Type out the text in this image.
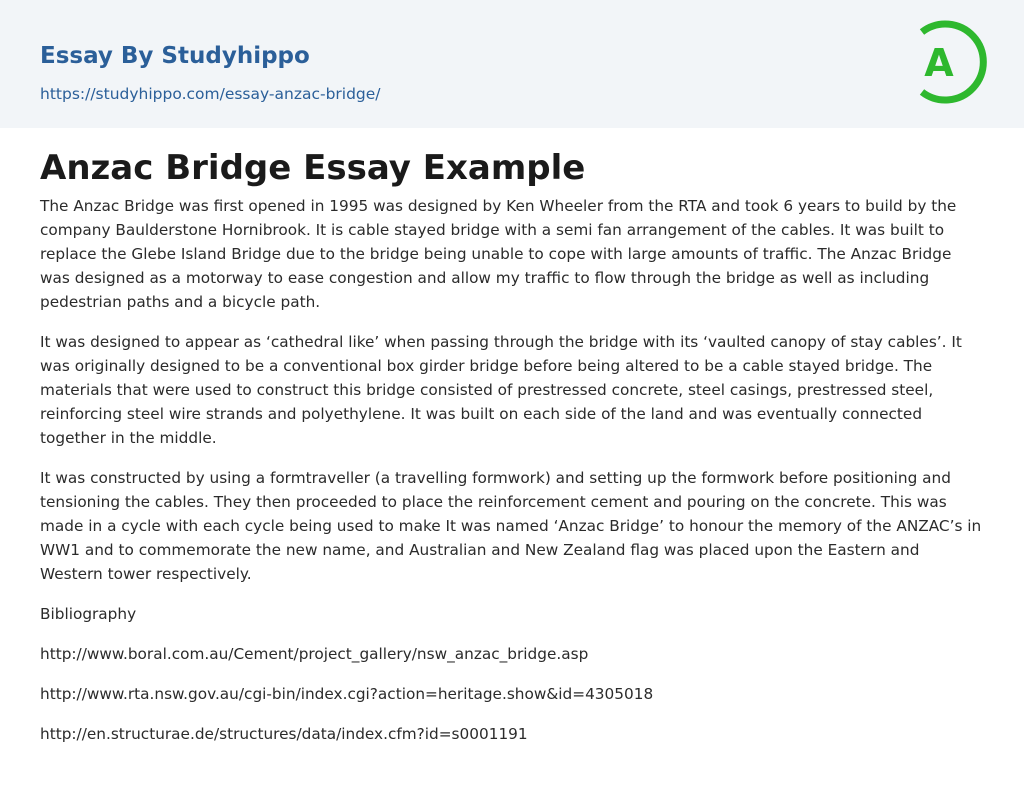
Essay By Studyhippo
https://studyhippo.com/essay-anzac-bridge/
A
Anzac Bridge Essay Example

The Anzac Bridge was first opened in 1995 was designed by Ken Wheeler from the RTA and took 6 years to build by the company Baulderstone Hornibrook. It is cable stayed bridge with a semi fan arrangement of the cables. It was built to replace the Glebe Island Bridge due to the bridge being unable to cope with large amounts of traffic. The Anzac Bridge was designed as a motorway to ease congestion and allow my traffic to flow through the bridge as well as including pedestrian paths and a bicycle path.

It was designed to appear as ‘cathedral like’ when passing through the bridge with its ‘vaulted canopy of stay cables’. It was originally designed to be a conventional box girder bridge before being altered to be a cable stayed bridge. The materials that were used to construct this bridge consisted of prestressed concrete, steel casings, prestressed steel, reinforcing steel wire strands and polyethylene. It was built on each side of the land and was eventually connected together in the middle.

It was constructed by using a formtraveller (a travelling formwork) and setting up the formwork before positioning and tensioning the cables. They then proceeded to place the reinforcement cement and pouring on the concrete. This was made in a cycle with each cycle being used to make It was named ‘Anzac Bridge’ to honour the memory of the ANZAC’s in WW1 and to commemorate the new name, and Australian and New Zealand flag was placed upon the Eastern and Western tower respectively.

Bibliography

http://www.boral.com.au/Cement/project_gallery/nsw_anzac_bridge.asp

http://www.rta.nsw.gov.au/cgi-bin/index.cgi?action=heritage.show&id=4305018

http://en.structurae.de/structures/data/index.cfm?id=s0001191
